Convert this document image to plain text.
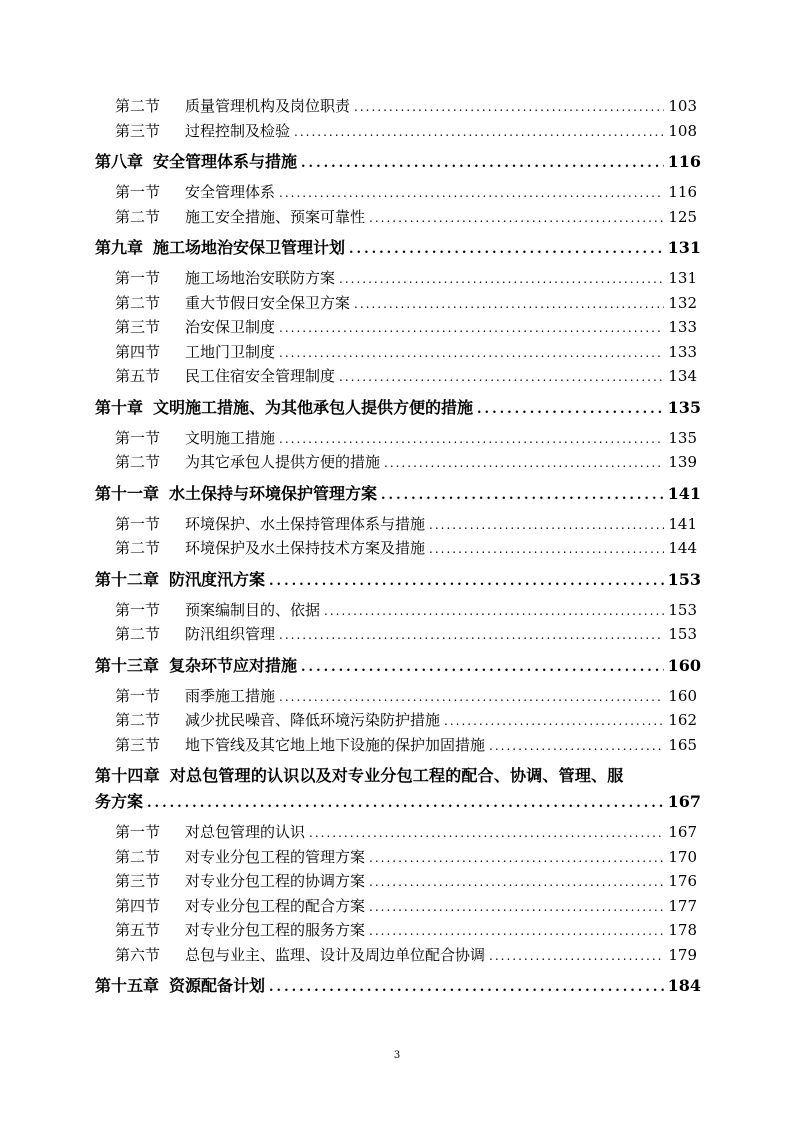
第二节	质量管理机构及岗位职责 .....	103
第三节	过程控制及检验 .....	108
第八章 安全管理体系与措施 .....	116
第一节	安全管理体系 .....	116
第二节	施工安全措施、预案可靠性 .....	125
第九章 施工场地治安保卫管理计划 .....	131
第一节	施工场地治安联防方案 .....	131
第二节	重大节假日安全保卫方案 .....	132
第三节	治安保卫制度 .....	133
第四节	工地门卫制度 .....	133
第五节	民工住宿安全管理制度 .....	134
第十章 文明施工措施、为其他承包人提供方便的措施 .....	135
第一节	文明施工措施 .....	135
第二节	为其它承包人提供方便的措施 .....	139
第十一章 水土保持与环境保护管理方案 .....	141
第一节	环境保护、水土保持管理体系与措施 .....	141
第二节	环境保护及水土保持技术方案及措施 .....	144
第十二章 防汛度汛方案 .....	153
第一节	预案编制目的、依据 .....	153
第二节	防汛组织管理 .....	153
第十三章 复杂环节应对措施 .....	160
第一节	雨季施工措施 .....	160
第二节	减少扰民噪音、降低环境污染防护措施 .....	162
第三节	地下管线及其它地上地下设施的保护加固措施 .....	165
第十四章 对总包管理的认识以及对专业分包工程的配合、协调、管理、服
务方案 .....	167
第一节	对总包管理的认识 .....	167
第二节	对专业分包工程的管理方案 .....	170
第三节	对专业分包工程的协调方案 .....	176
第四节	对专业分包工程的配合方案 .....	177
第五节	对专业分包工程的服务方案 .....	178
第六节	总包与业主、监理、设计及周边单位配合协调 .....	179
第十五章 资源配备计划 .....	184
3
